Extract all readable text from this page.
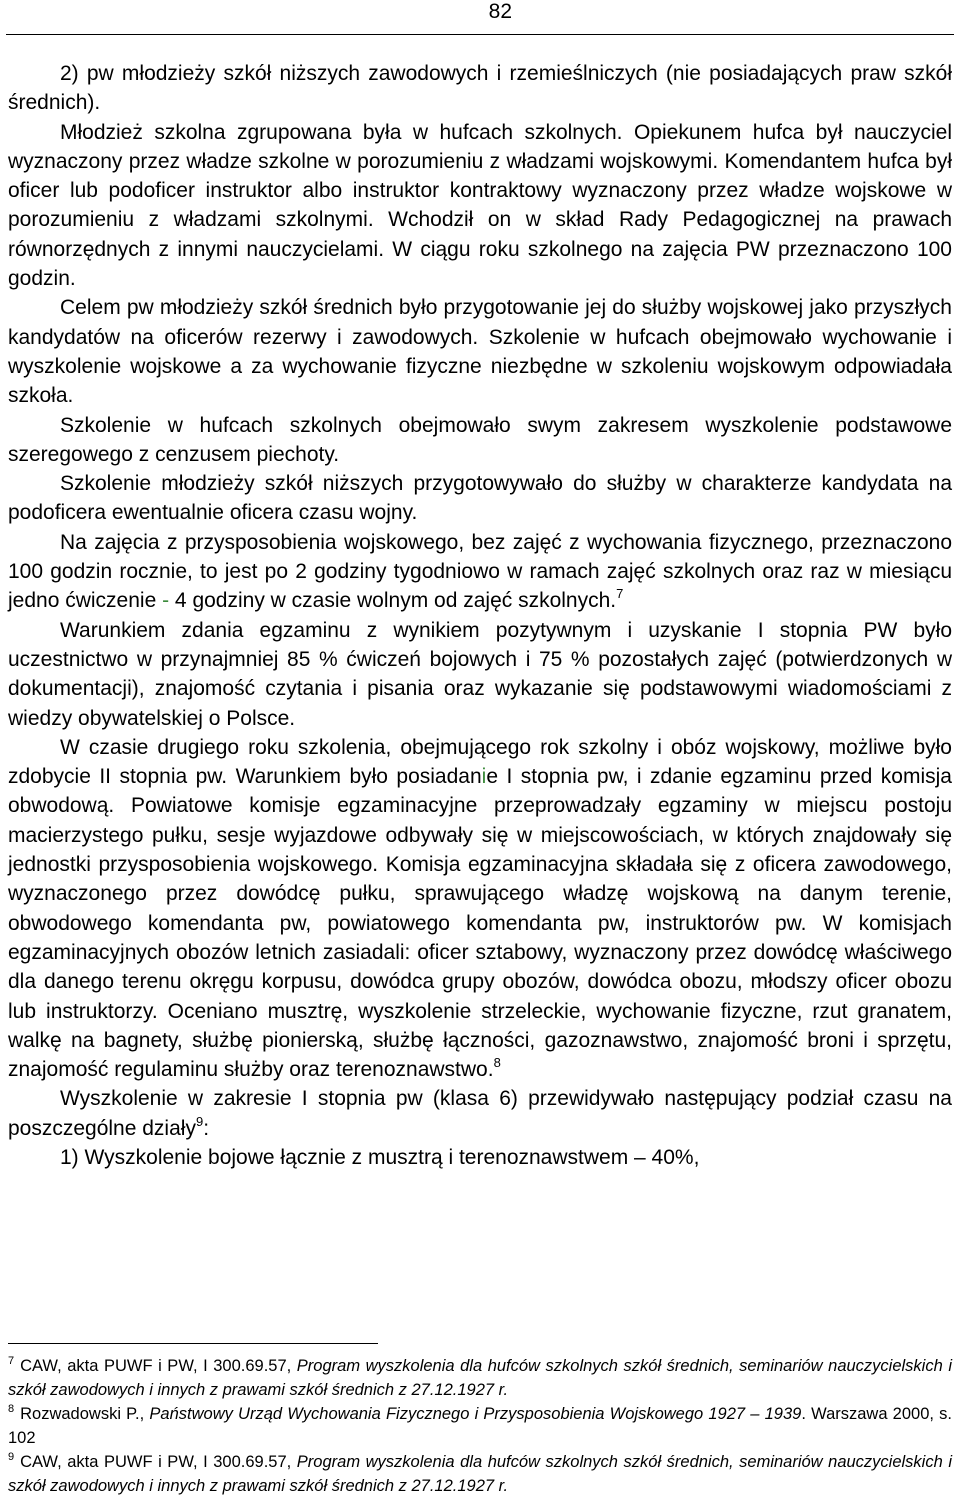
82

2) pw młodzieży szkół niższych zawodowych i rzemieślniczych (nie posiadających praw szkół średnich).

Młodzież szkolna zgrupowana była w hufcach szkolnych. Opiekunem hufca był nauczyciel wyznaczony przez władze szkolne w porozumieniu z władzami wojskowymi. Komendantem hufca był oficer lub podoficer instruktor albo instruktor kontraktowy wyznaczony przez władze wojskowe w porozumieniu z władzami szkolnymi. Wchodził on w skład Rady Pedagogicznej na prawach równorzędnych z innymi nauczycielami. W ciągu roku szkolnego na zajęcia PW przeznaczono 100 godzin.

Celem pw młodzieży szkół średnich było przygotowanie jej do służby wojskowej jako przyszłych kandydatów na oficerów rezerwy i zawodowych. Szkolenie w hufcach obejmowało wychowanie i wyszkolenie wojskowe a za wychowanie fizyczne niezbędne w szkoleniu wojskowym odpowiadała szkoła.

Szkolenie w hufcach szkolnych obejmowało swym zakresem wyszkolenie podstawowe szeregowego z cenzusem piechoty.

Szkolenie młodzieży szkół niższych przygotowywało do służby w charakterze kandydata na podoficera ewentualnie oficera czasu wojny.

Na zajęcia z przysposobienia wojskowego, bez zajęć z wychowania fizycznego, przeznaczono 100 godzin rocznie, to jest po 2 godziny tygodniowo w ramach zajęć szkolnych oraz raz w miesiącu jedno ćwiczenie - 4 godziny w czasie wolnym od zajęć szkolnych.$^7$

Warunkiem zdania egzaminu z wynikiem pozytywnym i uzyskanie I stopnia PW było uczestnictwo w przynajmniej 85 % ćwiczeń bojowych i 75 % pozostałych zajęć (potwierdzonych w dokumentacji), znajomość czytania i pisania oraz wykazanie się podstawowymi wiadomościami z wiedzy obywatelskiej o Polsce.

W czasie drugiego roku szkolenia, obejmującego rok szkolny i obóz wojskowy, możliwe było zdobycie II stopnia pw. Warunkiem było posiadanie I stopnia pw, i zdanie egzaminu przed komisja obwodową. Powiatowe komisje egzaminacyjne przeprowadzały egzaminy w miejscu postoju macierzystego pułku, sesje wyjazdowe odbywały się w miejscowościach, w których znajdowały się jednostki przysposobienia wojskowego. Komisja egzaminacyjna składała się z oficera zawodowego, wyznaczonego przez dowódcę pułku, sprawującego władzę wojskową na danym terenie, obwodowego komendanta pw, powiatowego komendanta pw, instruktorów pw. W komisjach egzaminacyjnych obozów letnich zasiadali: oficer sztabowy, wyznaczony przez dowódcę właściwego dla danego terenu okręgu korpusu, dowódca grupy obozów, dowódca obozu, młodszy oficer obozu lub instruktorzy. Oceniano musztrę, wyszkolenie strzeleckie, wychowanie fizyczne, rzut granatem, walkę na bagnety, służbę pionierską, służbę łączności, gazoznawstwo, znajomość broni i sprzętu, znajomość regulaminu służby oraz terenoznawstwo.$^8$

Wyszkolenie w zakresie I stopnia pw (klasa 6) przewidywało następujący podział czasu na poszczególne działy$^9$:

1) Wyszkolenie bojowe łącznie z musztrą i terenoznawstwem – 40%,

$^7$ CAW, akta PUWF i PW, I 300.69.57, Program wyszkolenia dla hufców szkolnych szkół średnich, seminariów nauczycielskich i szkół zawodowych i innych z prawami szkół średnich z 27.12.1927 r.

$^8$ Rozwadowski P., Państwowy Urząd Wychowania Fizycznego i Przysposobienia Wojskowego 1927 – 1939. Warszawa 2000, s. 102

$^9$ CAW, akta PUWF i PW, I 300.69.57, Program wyszkolenia dla hufców szkolnych szkół średnich, seminariów nauczycielskich i szkół zawodowych i innych z prawami szkół średnich z 27.12.1927 r.
